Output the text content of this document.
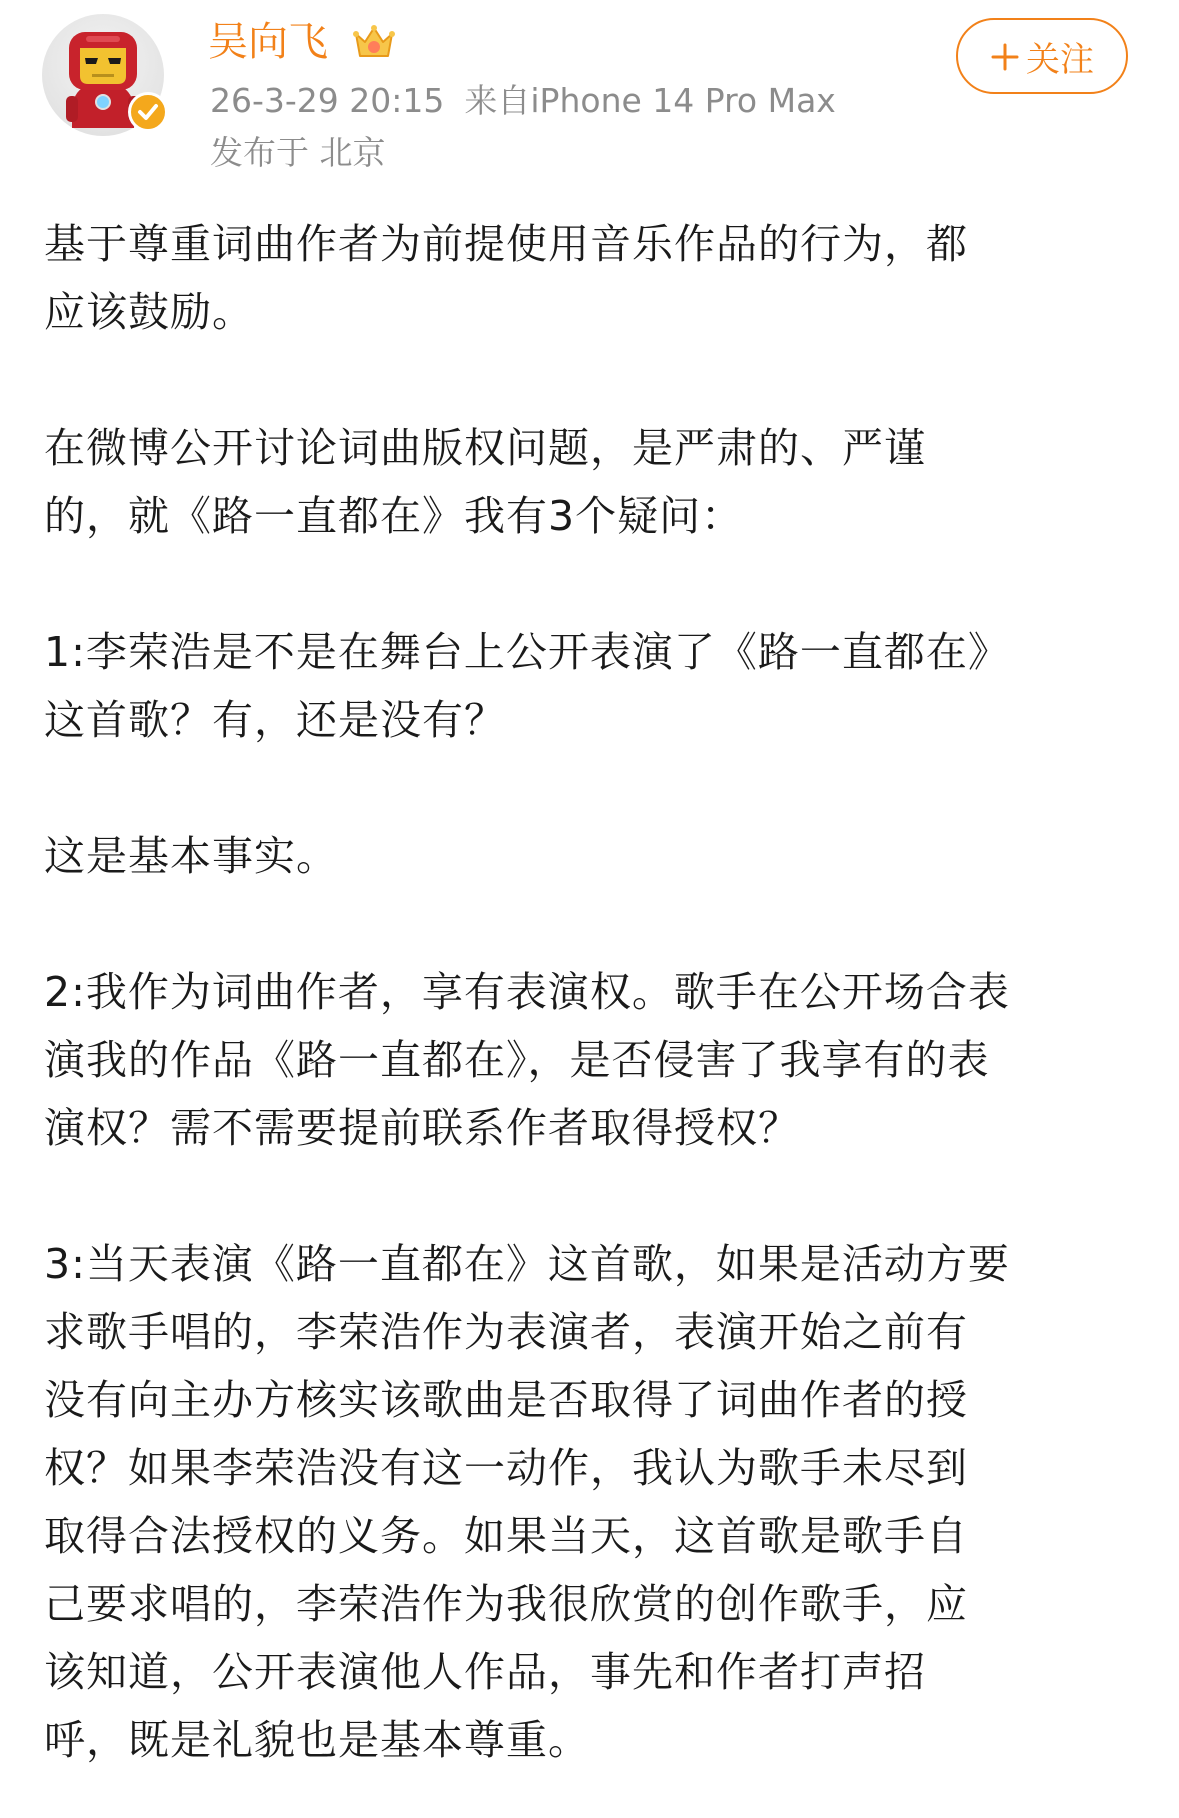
吴向飞
26-3-29 20:15 来自iPhone 14 Pro Max
发布于 北京
关注

基于尊重词曲作者为前提使用音乐作品的行为，都
应该鼓励。

在微博公开讨论词曲版权问题，是严肃的、严谨
的，就《路一直都在》我有3个疑问：

1:李荣浩是不是在舞台上公开表演了《路一直都在》
这首歌？有，还是没有？

这是基本事实。

2:我作为词曲作者，享有表演权。歌手在公开场合表
演我的作品《路一直都在》，是否侵害了我享有的表
演权？需不需要提前联系作者取得授权？

3:当天表演《路一直都在》这首歌，如果是活动方要
求歌手唱的，李荣浩作为表演者，表演开始之前有
没有向主办方核实该歌曲是否取得了词曲作者的授
权？如果李荣浩没有这一动作，我认为歌手未尽到
取得合法授权的义务。如果当天，这首歌是歌手自
己要求唱的，李荣浩作为我很欣赏的创作歌手，应
该知道，公开表演他人作品，事先和作者打声招
呼，既是礼貌也是基本尊重。
